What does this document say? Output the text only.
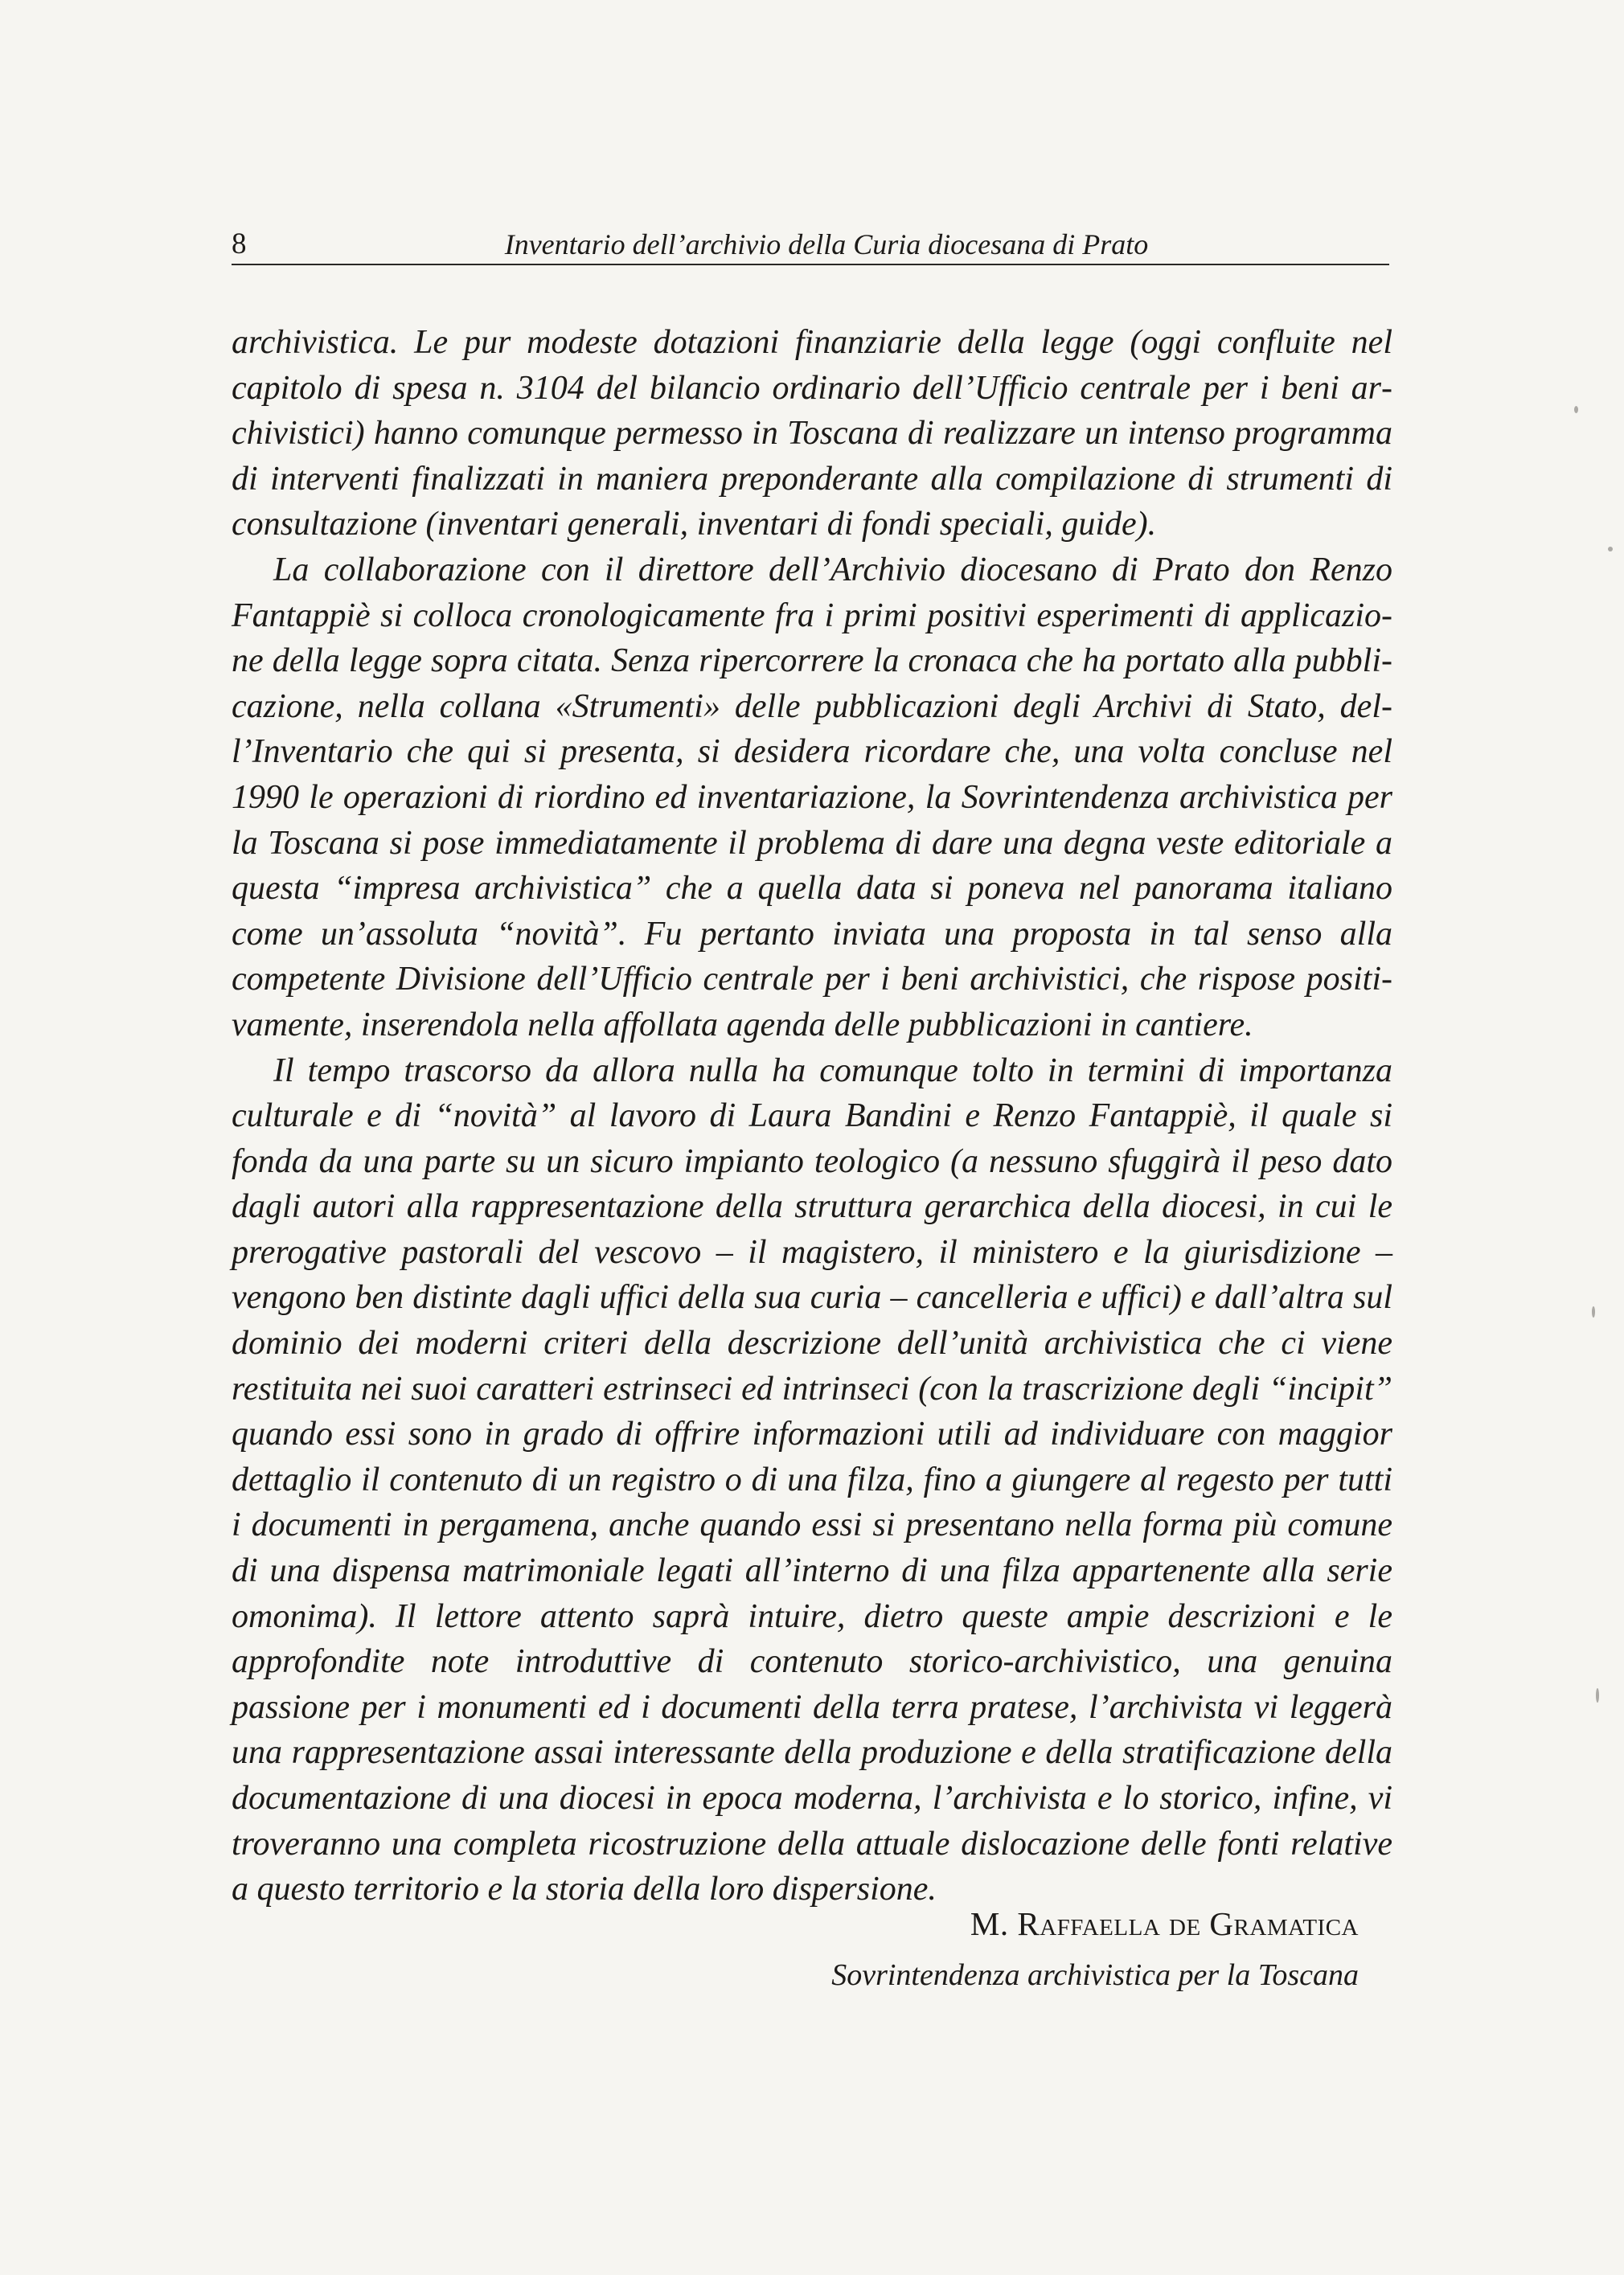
8	Inventario dell’archivio della Curia diocesana di Prato

archivistica. Le pur modeste dotazioni finanziarie della legge (oggi confluite nel capitolo di spesa n. 3104 del bilancio ordinario dell’Ufficio centrale per i beni archivistici) hanno comunque permesso in Toscana di realizzare un intenso programma di interventi finalizzati in maniera preponderante alla compilazione di strumenti di consultazione (inventari generali, inventari di fondi speciali, guide).

La collaborazione con il direttore dell’Archivio diocesano di Prato don Renzo Fantappiè si colloca cronologicamente fra i primi positivi esperimenti di applicazione della legge sopra citata. Senza ripercorrere la cronaca che ha portato alla pubblicazione, nella collana «Strumenti» delle pubblicazioni degli Archivi di Stato, dell’Inventario che qui si presenta, si desidera ricordare che, una volta concluse nel 1990 le operazioni di riordino ed inventariazione, la Sovrintendenza archivistica per la Toscana si pose immediatamente il problema di dare una degna veste editoriale a questa “impresa archivistica” che a quella data si poneva nel panorama italiano come un’assoluta “novità”. Fu pertanto inviata una proposta in tal senso alla competente Divisione dell’Ufficio centrale per i beni archivistici, che rispose positivamente, inserendola nella affollata agenda delle pubblicazioni in cantiere.

Il tempo trascorso da allora nulla ha comunque tolto in termini di importanza culturale e di “novità” al lavoro di Laura Bandini e Renzo Fantappiè, il quale si fonda da una parte su un sicuro impianto teologico (a nessuno sfuggirà il peso dato dagli autori alla rappresentazione della struttura gerarchica della diocesi, in cui le prerogative pastorali del vescovo – il magistero, il ministero e la giurisdizione – vengono ben distinte dagli uffici della sua curia – cancelleria e uffici) e dall’altra sul dominio dei moderni criteri della descrizione dell’unità archivistica che ci viene restituita nei suoi caratteri estrinseci ed intrinseci (con la trascrizione degli “incipit” quando essi sono in grado di offrire informazioni utili ad individuare con maggior dettaglio il contenuto di un registro o di una filza, fino a giungere al regesto per tutti i documenti in pergamena, anche quando essi si presentano nella forma più comune di una dispensa matrimoniale legati all’interno di una filza appartenente alla serie omonima). Il lettore attento saprà intuire, dietro queste ampie descrizioni e le approfondite note introduttive di contenuto storico-archivistico, una genuina passione per i monumenti ed i documenti della terra pratese, l’archivista vi leggerà una rappresentazione assai interessante della produzione e della stratificazione della documentazione di una diocesi in epoca moderna, l’archivista e lo storico, infine, vi troveranno una completa ricostruzione della attuale dislocazione delle fonti relative a questo territorio e la storia della loro dispersione.

M. Raffaella de Gramatica
Sovrintendenza archivistica per la Toscana
